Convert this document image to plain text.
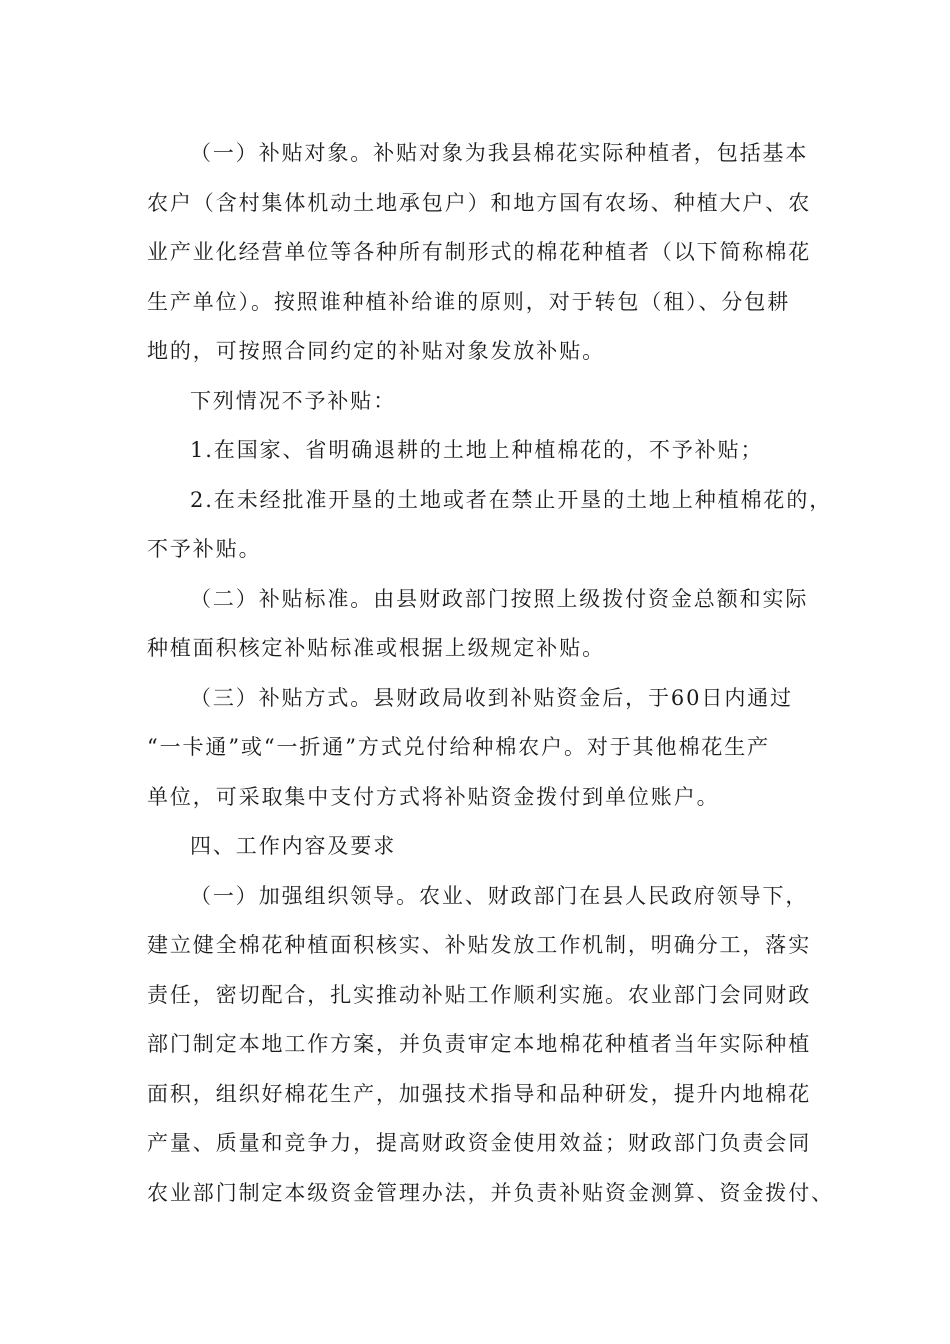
（一）补贴对象。补贴对象为我县棉花实际种植者，包括基本
农户（含村集体机动土地承包户）和地方国有农场、种植大户、农
业产业化经营单位等各种所有制形式的棉花种植者（以下简称棉花
生产单位）。按照谁种植补给谁的原则，对于转包（租）、分包耕
地的，可按照合同约定的补贴对象发放补贴。
下列情况不予补贴：
1.在国家、省明确退耕的土地上种植棉花的，不予补贴；
2.在未经批准开垦的土地或者在禁止开垦的土地上种植棉花的，
不予补贴。
（二）补贴标准。由县财政部门按照上级拨付资金总额和实际
种植面积核定补贴标准或根据上级规定补贴。
（三）补贴方式。县财政局收到补贴资金后，于60日内通过
“一卡通”或“一折通”方式兑付给种棉农户。对于其他棉花生产
单位，可采取集中支付方式将补贴资金拨付到单位账户。
四、工作内容及要求
（一）加强组织领导。农业、财政部门在县人民政府领导下，
建立健全棉花种植面积核实、补贴发放工作机制，明确分工，落实
责任，密切配合，扎实推动补贴工作顺利实施。农业部门会同财政
部门制定本地工作方案，并负责审定本地棉花种植者当年实际种植
面积，组织好棉花生产，加强技术指导和品种研发，提升内地棉花
产量、质量和竞争力，提高财政资金使用效益；财政部门负责会同
农业部门制定本级资金管理办法，并负责补贴资金测算、资金拨付、
